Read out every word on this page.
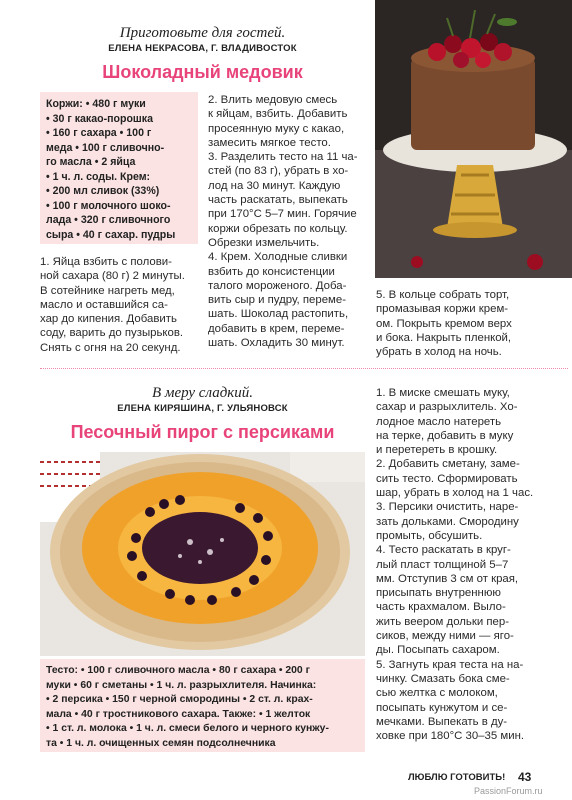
Приготовьте для гостей.
ЕЛЕНА НЕКРАСОВА, Г. ВЛАДИВОСТОК
Шоколадный медовик
Коржи: • 480 г муки
• 30 г какао-порошка
• 160 г сахара • 100 г
меда • 100 г сливочно-
го масла • 2 яйца
• 1 ч. л. соды. Крем:
• 200 мл сливок (33%)
• 100 г молочного шоко-
лада • 320 г сливочного
сыра • 40 г сахар. пудры

1. Яйца взбить с полови-

ной сахара (80 г) 2 минуты.

В сотейнике нагреть мед,

масло и оставшийся са-

хар до кипения. Добавить

соду, варить до пузырьков.

Снять с огня на 20 секунд.

2. Влить медовую смесь

к яйцам, взбить. Добавить

просеянную муку с какао,

замесить мягкое тесто.

3. Разделить тесто на 11 ча-

стей (по 83 г), убрать в хо-

лод на 30 минут. Каждую

часть раскатать, выпекать

при 170°С 5–7 мин. Горячие

коржи обрезать по кольцу.

Обрезки измельчить.

4. Крем. Холодные сливки

взбить до консистенции

талого мороженого. Доба-

вить сыр и пудру, переме-

шать. Шоколад растопить,

добавить в крем, переме-

шать. Охладить 30 минут.

5. В кольце собрать торт,

промазывая коржи крем-

ом. Покрыть кремом верх

и бока. Накрыть пленкой,

убрать в холод на ночь.

В меру сладкий.
ЕЛЕНА КИРЯШИНА, Г. УЛЬЯНОВСК
Песочный пирог с персиками
Тесто: • 100 г сливочного масла • 80 г сахара • 200 г
муки • 60 г сметаны • 1 ч. л. разрыхлителя. Начинка:
• 2 персика • 150 г черной смородины • 2 ст. л. крах-
мала • 40 г тростникового сахара. Также: • 1 желток
• 1 ст. л. молока • 1 ч. л. смеси белого и черного кунжу-
та • 1 ч. л. очищенных семян подсолнечника

1. В миске смешать муку,

сахар и разрыхлитель. Хо-

лодное масло натереть

на терке, добавить в муку

и перетереть в крошку.

2. Добавить сметану, заме-

сить тесто. Сформировать

шар, убрать в холод на 1 час.

3. Персики очистить, наре-

зать дольками. Смородину

промыть, обсушить.

4. Тесто раскатать в круг-

лый пласт толщиной 5–7

мм. Отступив 3 см от края,

присыпать внутреннюю

часть крахмалом. Выло-

жить веером дольки пер-

сиков, между ними — яго-

ды. Посыпать сахаром.

5. Загнуть края теста на на-

чинку. Смазать бока сме-

сью желтка с молоком,

посыпать кунжутом и се-

мечками. Выпекать в ду-

ховке при 180°С 30–35 мин.

ЛЮБЛЮ ГОТОВИТЬ! 43
PassionForum.ru
